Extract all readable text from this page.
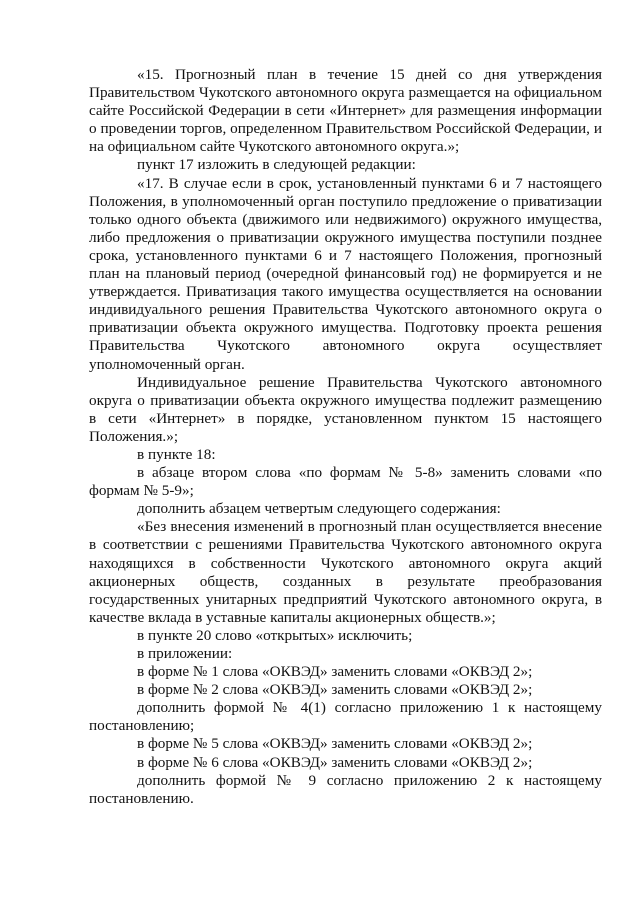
«15. Прогнозный план в течение 15 дней со дня утверждения Правительством Чукотского автономного округа размещается на официальном сайте Российской Федерации в сети «Интернет» для размещения информации о проведении торгов, определенном Правительством Российской Федерации, и на официальном сайте Чукотского автономного округа.»;

пункт 17 изложить в следующей редакции:

«17. В случае если в срок, установленный пунктами 6 и 7 настоящего Положения, в уполномоченный орган поступило предложение о приватизации только одного объекта (движимого или недвижимого) окружного имущества, либо предложения о приватизации окружного имущества поступили позднее срока, установленного пунктами 6 и 7 настоящего Положения, прогнозный план на плановый период (очередной финансовый год) не формируется и не утверждается. Приватизация такого имущества осуществляется на основании индивидуального решения Правительства Чукотского автономного округа о приватизации объекта окружного имущества. Подготовку проекта решения Правительства Чукотского автономного округа осуществляет уполномоченный орган.

Индивидуальное решение Правительства Чукотского автономного округа о приватизации объекта окружного имущества подлежит размещению в сети «Интернет» в порядке, установленном пунктом 15 настоящего Положения.»;

в пункте 18:

в абзаце втором слова «по формам № 5-8» заменить словами «по формам № 5-9»;

дополнить абзацем четвертым следующего содержания:

«Без внесения изменений в прогнозный план осуществляется внесение в соответствии с решениями Правительства Чукотского автономного округа находящихся в собственности Чукотского автономного округа акций акционерных обществ, созданных в результате преобразования государственных унитарных предприятий Чукотского автономного округа, в качестве вклада в уставные капиталы акционерных обществ.»;

в пункте 20 слово «открытых» исключить;

в приложении:

в форме № 1 слова «ОКВЭД» заменить словами «ОКВЭД 2»;

в форме № 2 слова «ОКВЭД» заменить словами «ОКВЭД 2»;

дополнить формой № 4(1) согласно приложению 1 к настоящему постановлению;

в форме № 5 слова «ОКВЭД» заменить словами «ОКВЭД 2»;

в форме № 6 слова «ОКВЭД» заменить словами «ОКВЭД 2»;

дополнить формой № 9 согласно приложению 2 к настоящему постановлению.
